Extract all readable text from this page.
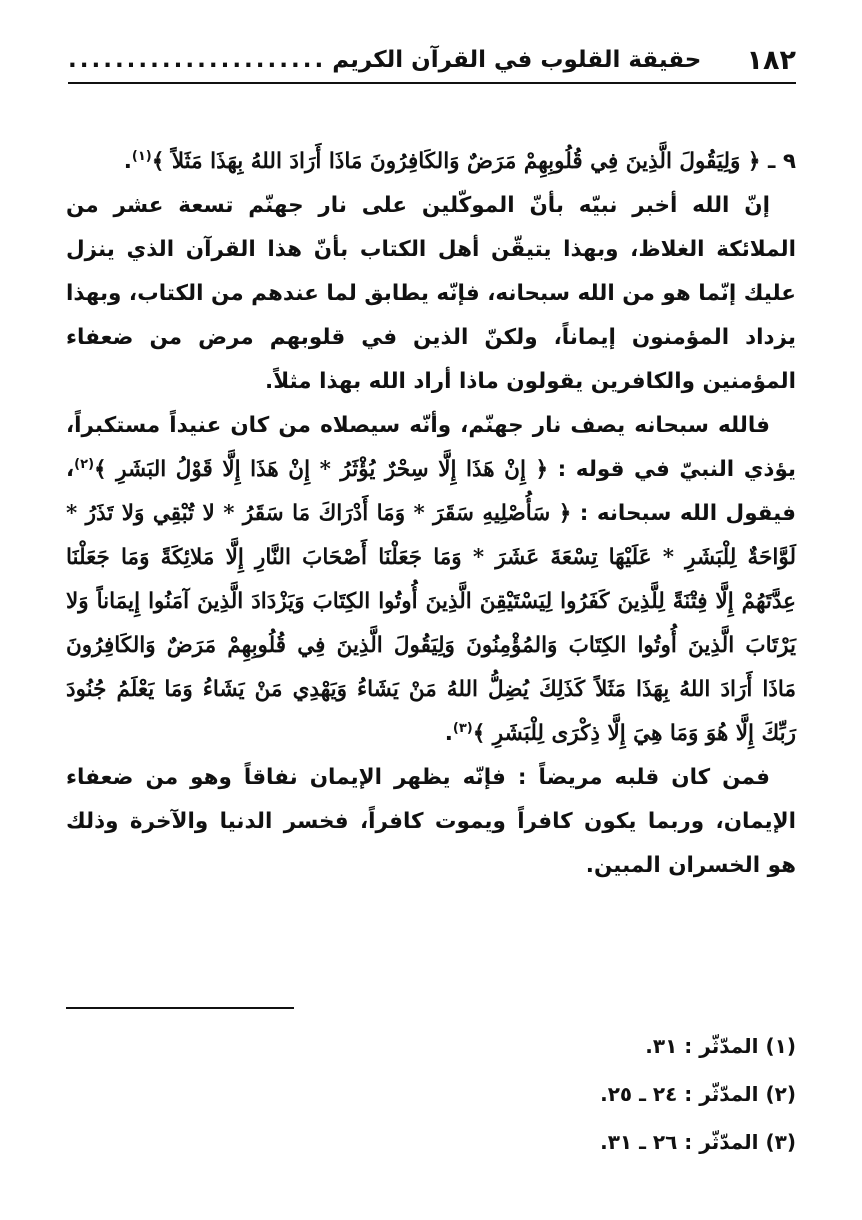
١٨٢
حقيقة القلوب في القرآن الكريم
......................

٩ ـ ﴿ وَلِيَقُولَ الَّذِينَ فِي قُلُوبِهِمْ مَرَضٌ وَالكَافِرُونَ مَاذَا أَرَادَ اللهُ بِهَذَا مَثَلاً ﴾$^{(١)}$.

إنّ الله أخبر نبيّه بأنّ الموكّلين على نار جهنّم تسعة عشر من الملائكة الغلاظ، وبهذا يتيقّن أهل الكتاب بأنّ هذا القرآن الذي ينزل عليك إنّما هو من الله سبحانه، فإنّه يطابق لما عندهم من الكتاب، وبهذا يزداد المؤمنون إيماناً، ولكنّ الذين في قلوبهم مرض من ضعفاء المؤمنين والكافرين يقولون ماذا أراد الله بهذا مثلاً.

فالله سبحانه يصف نار جهنّم، وأنّه سيصلاه من كان عنيداً مستكبراً، يؤذي النبيّ في قوله : ﴿ إِنْ هَذَا إِلَّا سِحْرٌ يُؤْثَرُ * إِنْ هَذَا إِلَّا قَوْلُ البَشَرِ ﴾$^{(٢)}$، فيقول الله سبحانه : ﴿ سَأُصْلِيهِ سَقَرَ * وَمَا أَدْرَاكَ مَا سَقَرُ * لا تُبْقِي وَلا تَذَرُ * لَوَّاحَةٌ لِلْبَشَرِ * عَلَيْهَا تِسْعَةَ عَشَرَ * وَمَا جَعَلْنَا أَصْحَابَ النَّارِ إِلَّا مَلائِكَةً وَمَا جَعَلْنَا عِدَّتَهُمْ إِلَّا فِتْنَةً لِلَّذِينَ كَفَرُوا لِيَسْتَيْقِنَ الَّذِينَ أُوتُوا الكِتَابَ وَيَزْدَادَ الَّذِينَ آمَنُوا إِيمَاناً وَلا يَرْتَابَ الَّذِينَ أُوتُوا الكِتَابَ وَالمُؤْمِنُونَ وَلِيَقُولَ الَّذِينَ فِي قُلُوبِهِمْ مَرَضٌ وَالكَافِرُونَ مَاذَا أَرَادَ اللهُ بِهَذَا مَثَلاً كَذَلِكَ يُضِلُّ اللهُ مَنْ يَشَاءُ وَيَهْدِي مَنْ يَشَاءُ وَمَا يَعْلَمُ جُنُودَ رَبِّكَ إِلَّا هُوَ وَمَا هِيَ إِلَّا ذِكْرَى لِلْبَشَرِ ﴾$^{(٣)}$.

فمن كان قلبه مريضاً : فإنّه يظهر الإيمان نفاقاً وهو من ضعفاء الإيمان، وربما يكون كافراً ويموت كافراً، فخسر الدنيا والآخرة وذلك هو الخسران المبين.

(١) المدّثّر : ٣١.

(٢) المدّثّر : ٢٤ ـ ٢٥.

(٣) المدّثّر : ٢٦ ـ ٣١.
